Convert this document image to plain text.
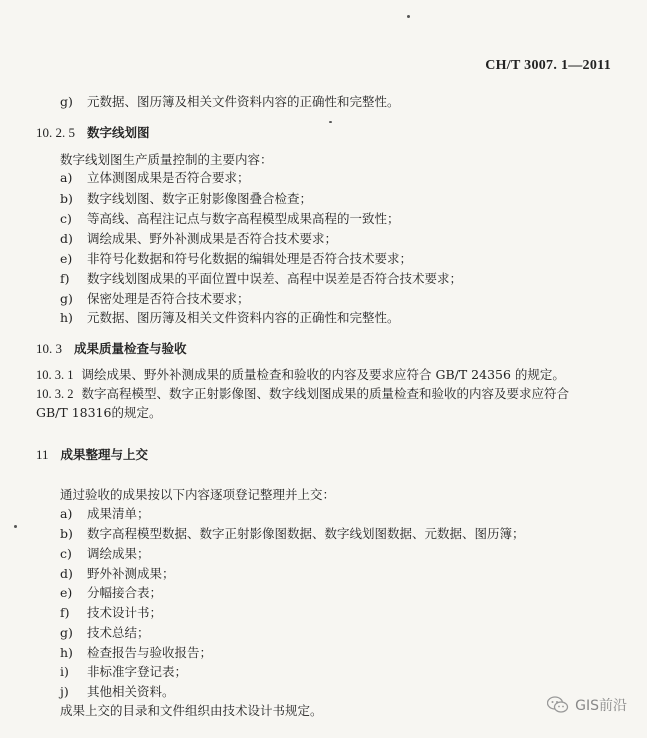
CH/T 3007. 1—2011
g) 元数据、图历簿及相关文件资料内容的正确性和完整性。
10. 2. 5 数字线划图
数字线划图生产质量控制的主要内容：
a) 立体测图成果是否符合要求；
b) 数字线划图、数字正射影像图叠合检查；
c) 等高线、高程注记点与数字高程模型成果高程的一致性；
d) 调绘成果、野外补测成果是否符合技术要求；
e) 非符号化数据和符号化数据的编辑处理是否符合技术要求；
f) 数字线划图成果的平面位置中误差、高程中误差是否符合技术要求；
g) 保密处理是否符合技术要求；
h) 元数据、图历簿及相关文件资料内容的正确性和完整性。
10. 3 成果质量检查与验收
10. 3. 1 调绘成果、野外补测成果的质量检查和验收的内容及要求应符合 GB/T 24356 的规定。
10. 3. 2 数字高程模型、数字正射影像图、数字线划图成果的质量检查和验收的内容及要求应符合
GB/T 18316的规定。
11 成果整理与上交
通过验收的成果按以下内容逐项登记整理并上交：
a) 成果清单；
b) 数字高程模型数据、数字正射影像图数据、数字线划图数据、元数据、图历簿；
c) 调绘成果；
d) 野外补测成果；
e) 分幅接合表；
f) 技术设计书；
g) 技术总结；
h) 检查报告与验收报告；
i) 非标准字登记表；
j) 其他相关资料。
成果上交的目录和文件组织由技术设计书规定。	GIS前沿
